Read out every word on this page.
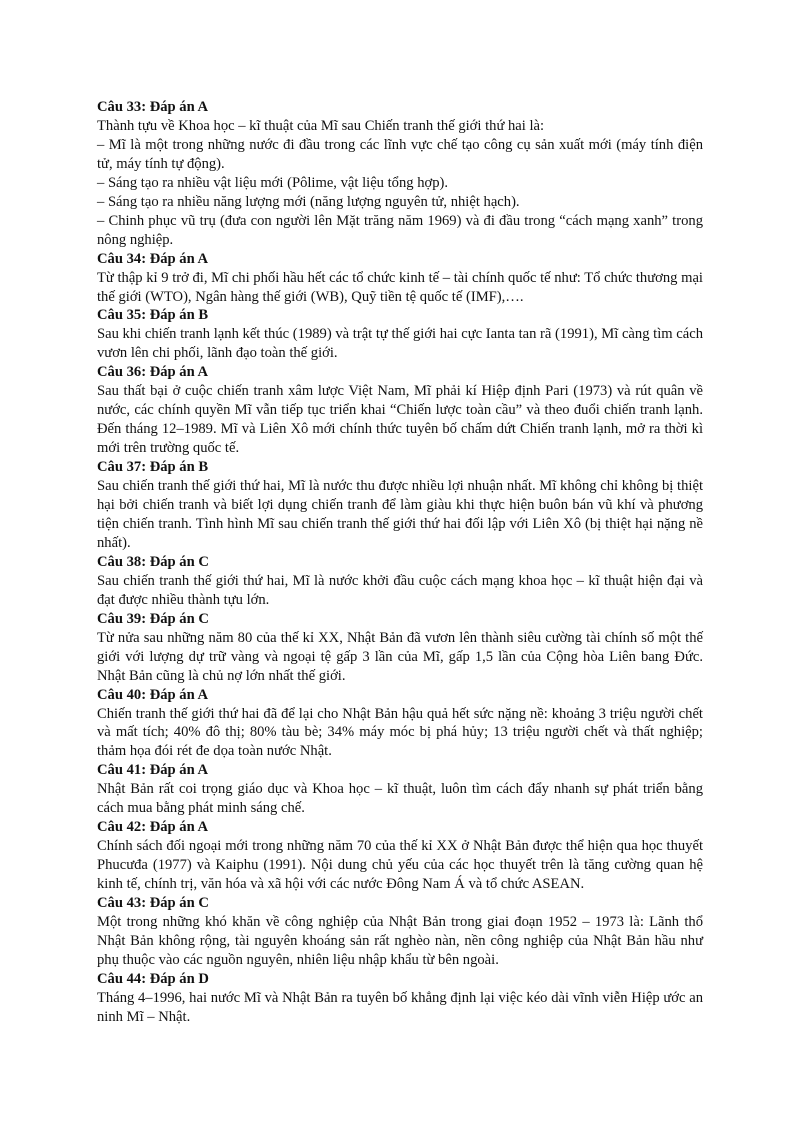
Câu 33: Đáp án A
Thành tựu về Khoa học – kĩ thuật của Mĩ sau Chiến tranh thế giới thứ hai là:
– Mĩ là một trong những nước đi đầu trong các lĩnh vực chế tạo công cụ sản xuất mới (máy tính điện tử, máy tính tự động).
– Sáng tạo ra nhiều vật liệu mới (Pôlime, vật liệu tổng hợp).
– Sáng tạo ra nhiều năng lượng mới (năng lượng nguyên tử, nhiệt hạch).
– Chinh phục vũ trụ (đưa con người lên Mặt trăng năm 1969) và đi đầu trong “cách mạng xanh” trong nông nghiệp.
Câu 34: Đáp án A
Từ thập kỉ 9 trở đi, Mĩ chi phối hầu hết các tổ chức kinh tế – tài chính quốc tế như: Tổ chức thương mại thế giới (WTO), Ngân hàng thế giới (WB), Quỹ tiền tệ quốc tế (IMF),….
Câu 35: Đáp án B
Sau khi chiến tranh lạnh kết thúc (1989) và trật tự thế giới hai cực Ianta tan rã (1991), Mĩ càng tìm cách vươn lên chi phối, lãnh đạo toàn thế giới.
Câu 36: Đáp án A
Sau thất bại ở cuộc chiến tranh xâm lược Việt Nam, Mĩ phải kí Hiệp định Pari (1973) và rút quân về nước, các chính quyền Mĩ vẫn tiếp tục triển khai “Chiến lược toàn cầu” và theo đuổi chiến tranh lạnh. Đến tháng 12–1989. Mĩ và Liên Xô mới chính thức tuyên bố chấm dứt Chiến tranh lạnh, mở ra thời kì mới trên trường quốc tế.
Câu 37: Đáp án B
Sau chiến tranh thế giới thứ hai, Mĩ là nước thu được nhiều lợi nhuận nhất. Mĩ không chỉ không bị thiệt hại bởi chiến tranh và biết lợi dụng chiến tranh để làm giàu khi thực hiện buôn bán vũ khí và phương tiện chiến tranh. Tình hình Mĩ sau chiến tranh thế giới thứ hai đối lập với Liên Xô (bị thiệt hại nặng nề nhất).
Câu 38: Đáp án C
Sau chiến tranh thế giới thứ hai, Mĩ là nước khởi đầu cuộc cách mạng khoa học – kĩ thuật hiện đại và đạt được nhiều thành tựu lớn.
Câu 39: Đáp án C
Từ nửa sau những năm 80 của thế kỉ XX, Nhật Bản đã vươn lên thành siêu cường tài chính số một thế giới với lượng dự trữ vàng và ngoại tệ gấp 3 lần của Mĩ, gấp 1,5 lần của Cộng hòa Liên bang Đức. Nhật Bản cũng là chủ nợ lớn nhất thế giới.
Câu 40: Đáp án A
Chiến tranh thế giới thứ hai đã để lại cho Nhật Bản hậu quả hết sức nặng nề: khoảng 3 triệu người chết và mất tích; 40% đô thị; 80% tàu bè; 34% máy móc bị phá hủy; 13 triệu người chết và thất nghiệp; thảm họa đói rét đe dọa toàn nước Nhật.
Câu 41: Đáp án A
Nhật Bản rất coi trọng giáo dục và Khoa học – kĩ thuật, luôn tìm cách đẩy nhanh sự phát triển bằng cách mua bằng phát minh sáng chế.
Câu 42: Đáp án A
Chính sách đối ngoại mới trong những năm 70 của thế kỉ XX ở Nhật Bản được thể hiện qua học thuyết Phucưđa (1977) và Kaiphu (1991). Nội dung chủ yếu của các học thuyết trên là tăng cường quan hệ kinh tế, chính trị, văn hóa và xã hội với các nước Đông Nam Á và tổ chức ASEAN.
Câu 43: Đáp án C
Một trong những khó khăn về công nghiệp của Nhật Bản trong giai đoạn 1952 – 1973 là: Lãnh thổ Nhật Bản không rộng, tài nguyên khoáng sản rất nghèo nàn, nền công nghiệp của Nhật Bản hầu như phụ thuộc vào các nguồn nguyên, nhiên liệu nhập khẩu từ bên ngoài.
Câu 44: Đáp án D
Tháng 4–1996, hai nước Mĩ và Nhật Bản ra tuyên bố khẳng định lại việc kéo dài vĩnh viễn Hiệp ước an ninh Mĩ – Nhật.
